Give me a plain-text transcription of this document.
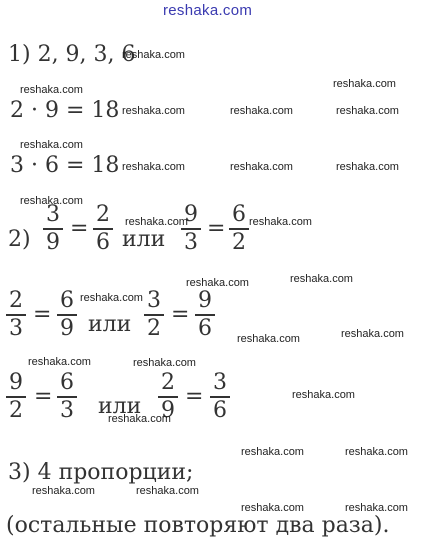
reshaka.com
1) 2, 9, 3, 6
2 · 9 = 18
3 · 6 = 18
2)
3
9
=
2
6 или
9
3
=
6
2
2
3
=
6
9 или
3
2
=
9
6
9
2
=
6
3 или
2
9
=
3
6
3) 4 пропорции;
(остальные повторяют два раза).
reshaka.com
reshaka.com
reshaka.com
reshaka.com	reshaka.com	reshaka.com
reshaka.com
reshaka.com	reshaka.com	reshaka.com
reshaka.com
reshaka.com	reshaka.com
reshaka.com	reshaka.com
reshaka.com
reshaka.com
reshaka.com
reshaka.com	reshaka.com
reshaka.com
reshaka.com
reshaka.com	reshaka.com
reshaka.com	reshaka.com
reshaka.com	reshaka.com
